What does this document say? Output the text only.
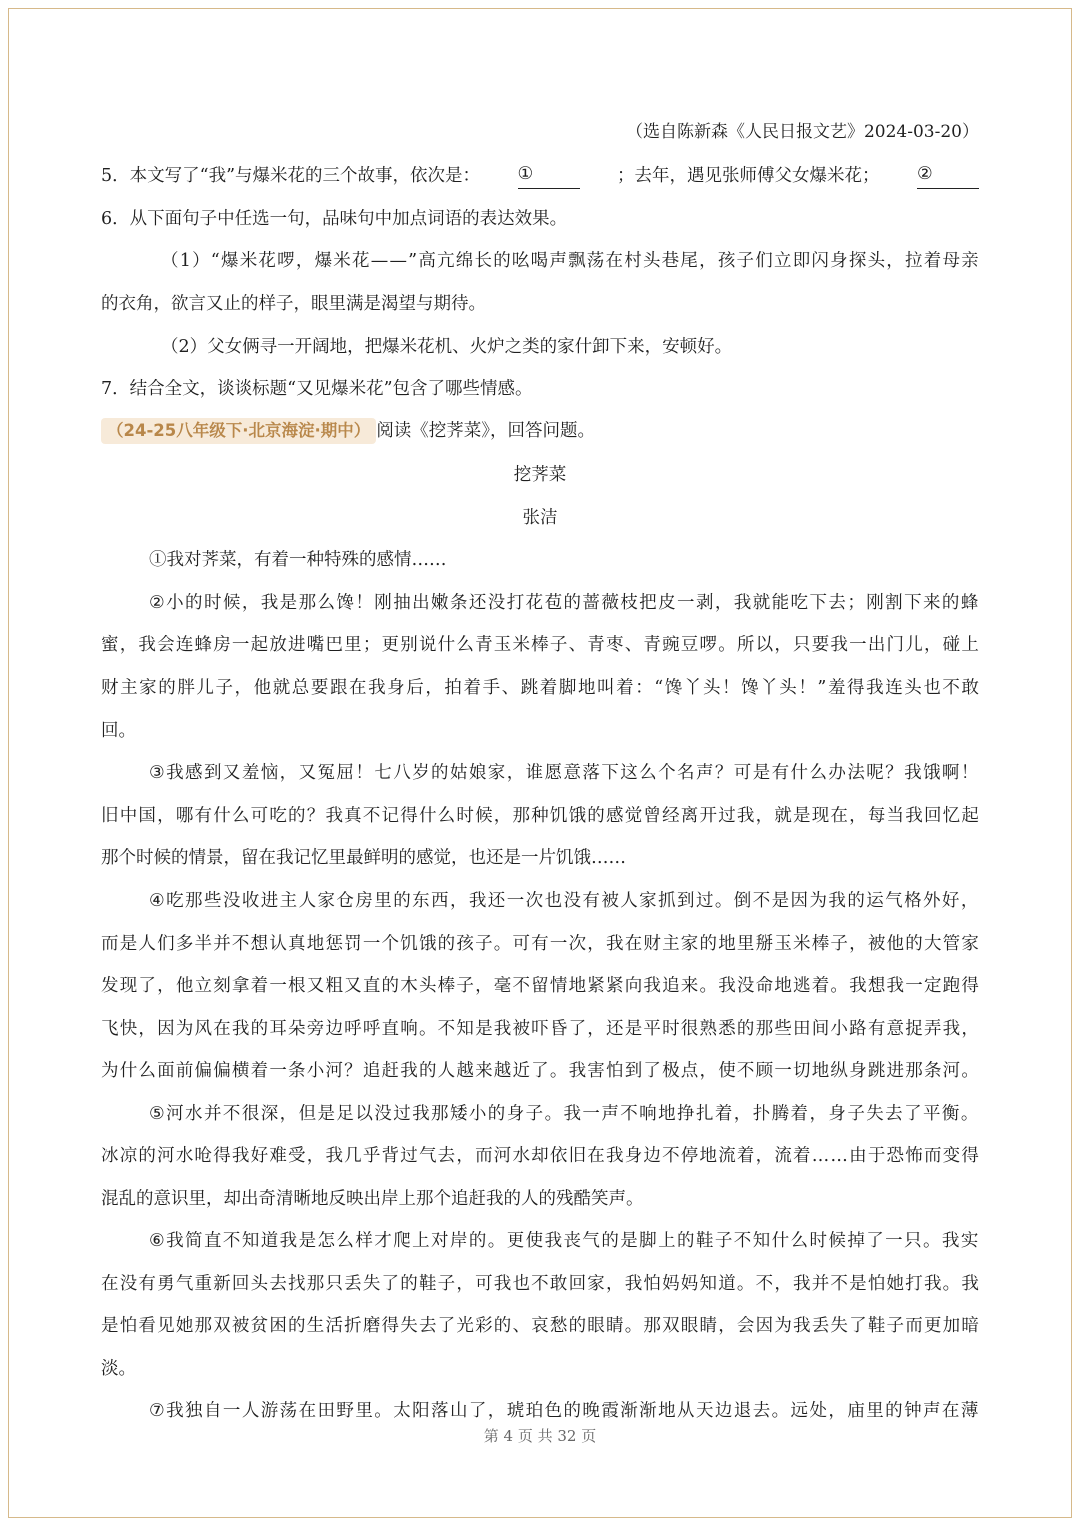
（选自陈新森《人民日报文艺》2024-03-20）
5．本文写了“我”与爆米花的三个故事，依次是： ①	；去年，遇见张师傅父女爆米花； ②
6．从下面句子中任选一句，品味句中加点词语的表达效果。
（ 1 ） “ 爆 米 花 啰 ， 爆 米 花 — — ” 高 亢 绵 长 的 吆 喝 声 飘 荡 在 村 头 巷 尾 ， 孩 子 们 立 即 闪 身 探 头 ， 拉 着 母 亲
的衣角，欲言又止的样子，眼里满是渴望与期待。
（2）父女俩寻一开阔地，把爆米花机、火炉之类的家什卸下来，安顿好。
7．结合全文，谈谈标题“又见爆米花”包含了哪些情感。
（24-25八年级下·北京海淀·期中） 阅读《挖荠菜》，回答问题。
挖荠菜
张洁
①我对荠菜，有着一种特殊的感情……
② 小 的 时 候 ， 我 是 那 么 馋 ！ 刚 抽 出 嫩 条 还 没 打 花 苞 的 蔷 薇 枝 把 皮 一 剥 ， 我 就 能 吃 下 去 ； 刚 割 下 来 的 蜂
蜜 ， 我 会 连 蜂 房 一 起 放 进 嘴 巴 里 ； 更 别 说 什 么 青 玉 米 棒 子 、 青 枣 、 青 豌 豆 啰 。 所 以 ， 只 要 我 一 出 门 儿 ， 碰 上
财 主 家 的 胖 儿 子 ， 他 就 总 要 跟 在 我 身 后 ， 拍 着 手 、 跳 着 脚 地 叫 着 ： “ 馋 丫 头 ！ 馋 丫 头 ！ ” 羞 得 我 连 头 也 不 敢
回。
③ 我 感 到 又 羞 恼 ， 又 冤 屈 ！ 七 八 岁 的 姑 娘 家 ， 谁 愿 意 落 下 这 么 个 名 声 ？ 可 是 有 什 么 办 法 呢 ？ 我 饿 啊 ！
旧 中 国 ， 哪 有 什 么 可 吃 的 ？ 我 真 不 记 得 什 么 时 候 ， 那 种 饥 饿 的 感 觉 曾 经 离 开 过 我 ， 就 是 现 在 ， 每 当 我 回 忆 起
那个时候的情景，留在我记忆里最鲜明的感觉，也还是一片饥饿……
④ 吃 那 些 没 收 进 主 人 家 仓 房 里 的 东 西 ， 我 还 一 次 也 没 有 被 人 家 抓 到 过 。 倒 不 是 因 为 我 的 运 气 格 外 好 ，
而 是 人 们 多 半 并 不 想 认 真 地 惩 罚 一 个 饥 饿 的 孩 子 。 可 有 一 次 ， 我 在 财 主 家 的 地 里 掰 玉 米 棒 子 ， 被 他 的 大 管 家
发 现 了 ， 他 立 刻 拿 着 一 根 又 粗 又 直 的 木 头 棒 子 ， 毫 不 留 情 地 紧 紧 向 我 追 来 。 我 没 命 地 逃 着 。 我 想 我 一 定 跑 得
飞 快 ， 因 为 风 在 我 的 耳 朵 旁 边 呼 呼 直 响 。 不 知 是 我 被 吓 昏 了 ， 还 是 平 时 很 熟 悉 的 那 些 田 间 小 路 有 意 捉 弄 我 ，
为 什 么 面 前 偏 偏 横 着 一 条 小 河 ？ 追 赶 我 的 人 越 来 越 近 了 。 我 害 怕 到 了 极 点 ， 使 不 顾 一 切 地 纵 身 跳 进 那 条 河 。
⑤ 河 水 并 不 很 深 ， 但 是 足 以 没 过 我 那 矮 小 的 身 子 。 我 一 声 不 响 地 挣 扎 着 ， 扑 腾 着 ， 身 子 失 去 了 平 衡 。
冰 凉 的 河 水 呛 得 我 好 难 受 ， 我 几 乎 背 过 气 去 ， 而 河 水 却 依 旧 在 我 身 边 不 停 地 流 着 ， 流 着 … … 由 于 恐 怖 而 变 得
混乱的意识里，却出奇清晰地反映出岸上那个追赶我的人的残酷笑声。
⑥ 我 简 直 不 知 道 我 是 怎 么 样 才 爬 上 对 岸 的 。 更 使 我 丧 气 的 是 脚 上 的 鞋 子 不 知 什 么 时 候 掉 了 一 只 。 我 实
在 没 有 勇 气 重 新 回 头 去 找 那 只 丢 失 了 的 鞋 子 ， 可 我 也 不 敢 回 家 ， 我 怕 妈 妈 知 道 。 不 ， 我 并 不 是 怕 她 打 我 。 我
是 怕 看 见 她 那 双 被 贫 困 的 生 活 折 磨 得 失 去 了 光 彩 的 、 哀 愁 的 眼 睛 。 那 双 眼 睛 ， 会 因 为 我 丢 失 了 鞋 子 而 更 加 暗
淡。
⑦ 我 独 自 一 人 游 荡 在 田 野 里 。 太 阳 落 山 了 ， 琥 珀 色 的 晚 霞 渐 渐 地 从 天 边 退 去 。 远 处 ， 庙 里 的 钟 声 在 薄
第 4 页 共 32 页
